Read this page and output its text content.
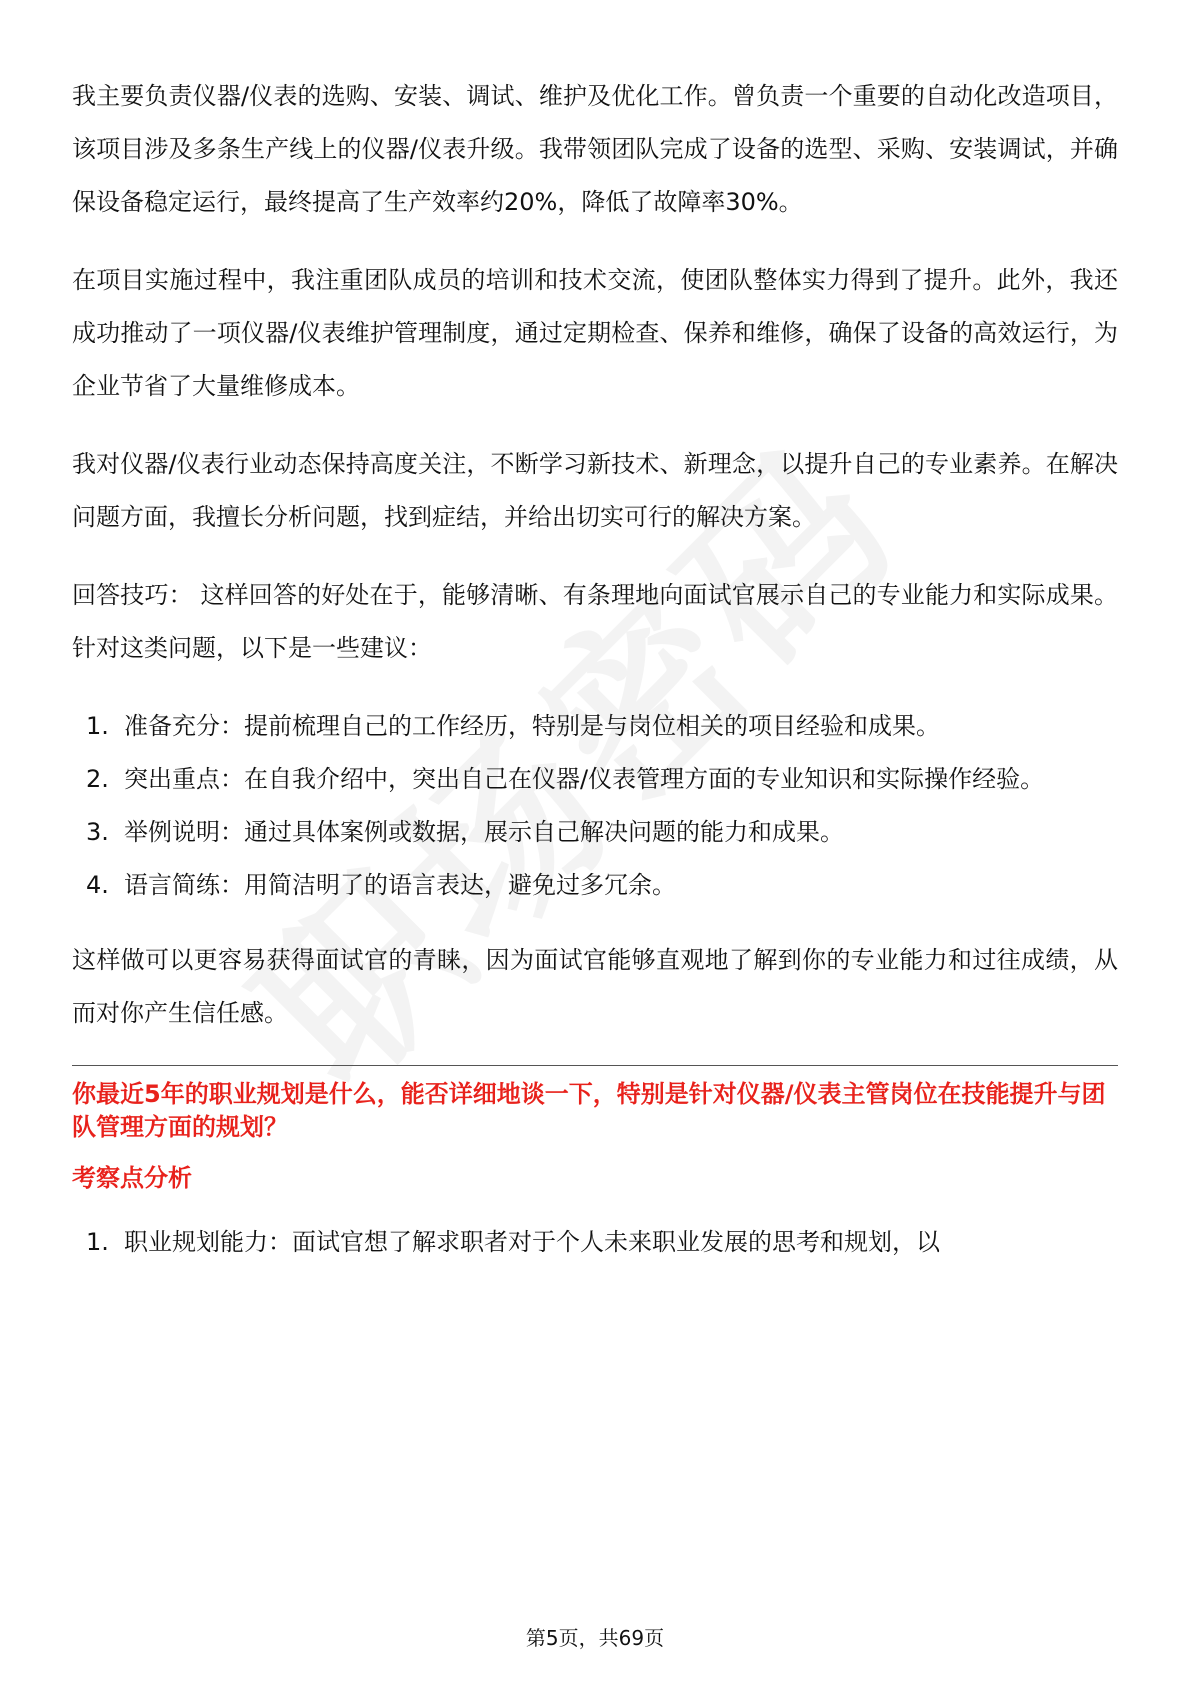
我主要负责仪器/仪表的选购、安装、调试、维护及优化工作。曾负责一个重要的自动化改造项目，该项目涉及多条生产线上的仪器/仪表升级。我带领团队完成了设备的选型、采购、安装调试，并确保设备稳定运行，最终提高了生产效率约20%，降低了故障率30%。

在项目实施过程中，我注重团队成员的培训和技术交流，使团队整体实力得到了提升。此外，我还成功推动了一项仪器/仪表维护管理制度，通过定期检查、保养和维修，确保了设备的高效运行，为企业节省了大量维修成本。

我对仪器/仪表行业动态保持高度关注，不断学习新技术、新理念，以提升自己的专业素养。在解决问题方面，我擅长分析问题，找到症结，并给出切实可行的解决方案。

回答技巧： 这样回答的好处在于，能够清晰、有条理地向面试官展示自己的专业能力和实际成果。针对这类问题，以下是一些建议：

1. 准备充分：提前梳理自己的工作经历，特别是与岗位相关的项目经验和成果。
2. 突出重点：在自我介绍中，突出自己在仪器/仪表管理方面的专业知识和实际操作经验。
3. 举例说明：通过具体案例或数据，展示自己解决问题的能力和成果。
4. 语言简练：用简洁明了的语言表达，避免过多冗余。

这样做可以更容易获得面试官的青睐，因为面试官能够直观地了解到你的专业能力和过往成绩，从而对你产生信任感。

你最近5年的职业规划是什么，能否详细地谈一下，特别是针对仪器/仪表主管岗位在技能提升与团队管理方面的规划？
考察点分析
1. 职业规划能力：面试官想了解求职者对于个人未来职业发展的思考和规划，以
第5页，共69页
